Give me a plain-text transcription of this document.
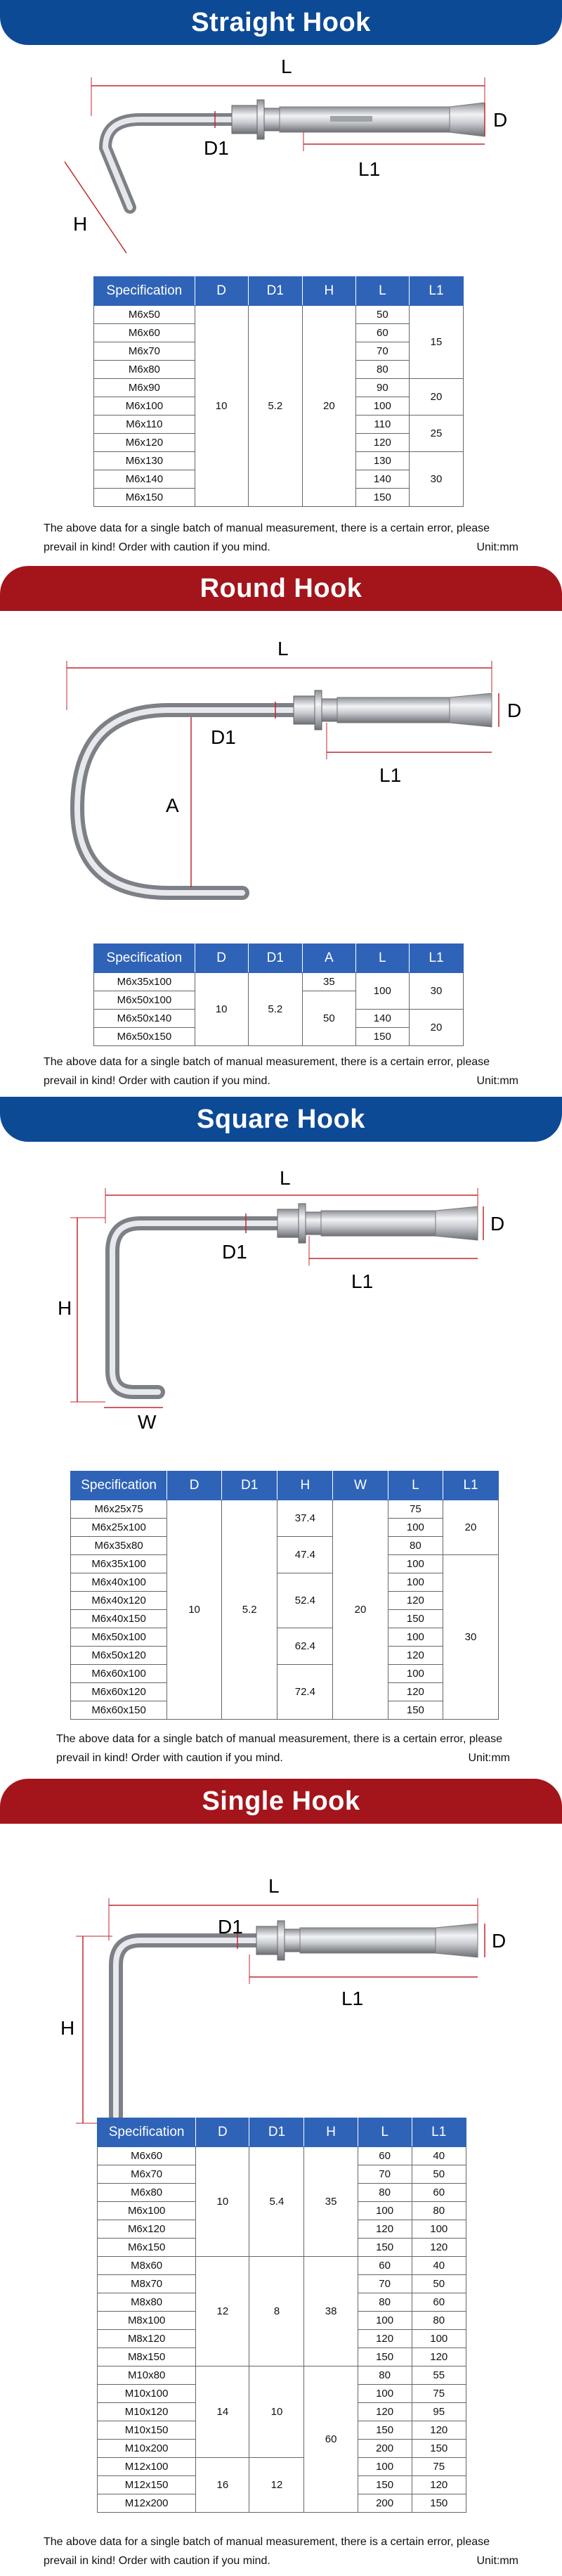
Straight Hook
L
D
D1
L1
H
Specification	D	D1	H	L	L1
M6x50	10	5.2	20	50	15
M6x60				60	
M6x70				70	
M6x80				80	
M6x90				90	20
M6x100				100	
M6x110				110	25
M6x120				120	
M6x130				130	30
M6x140				140	
M6x150				150	
The above data for a single batch of manual measurement, there is a certain error, please prevail in kind! Order with caution if you mind.	Unit:mm
Round Hook
L
D
D1
L1
A
Specification	D	D1	A	L	L1
M6x35x100	10	5.2	35	100	30
M6x50x100			50		
M6x50x140				140	20
M6x50x150				150	
The above data for a single batch of manual measurement, there is a certain error, please prevail in kind! Order with caution if you mind.	Unit:mm
Square Hook
L
D
D1
L1
H
W
Specification	D	D1	H	W	L	L1
M6x25x75	10	5.2	37.4	20	75	20
M6x25x100					100	
M6x35x80			47.4		80	
M6x35x100					100	30
M6x40x100			52.4		100	
M6x40x120					120	
M6x40x150					150	
M6x50x100			62.4		100	
M6x50x120					120	
M6x60x100			72.4		100	
M6x60x120					120	
M6x60x150					150	
The above data for a single batch of manual measurement, there is a certain error, please prevail in kind! Order with caution if you mind.	Unit:mm
Single Hook
L
D
D1
L1
H
Specification	D	D1	H	L	L1
M6x60	10	5.4	35	60	40
M6x70				70	50
M6x80				80	60
M6x100				100	80
M6x120				120	100
M6x150				150	120
M8x60	12	8	38	60	40
M8x70				70	50
M8x80				80	60
M8x100				100	80
M8x120				120	100
M8x150				150	120
M10x80	14	10	60	80	55
M10x100				100	75
M10x120				120	95
M10x150				150	120
M10x200				200	150
M12x100	16	12		100	75
M12x150				150	120
M12x200				200	150
The above data for a single batch of manual measurement, there is a certain error, please prevail in kind! Order with caution if you mind.	Unit:mm
